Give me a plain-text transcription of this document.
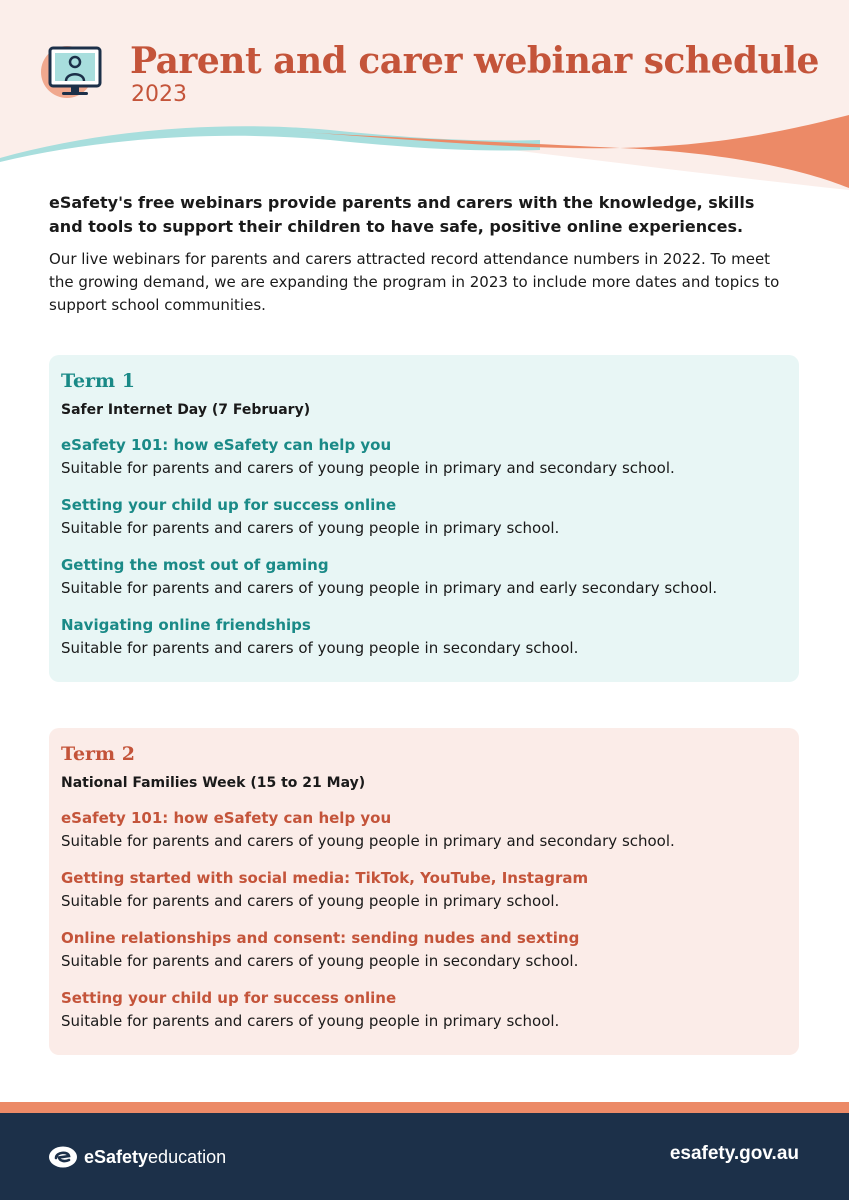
Parent and carer webinar schedule

2023

eSafety's free webinars provide parents and carers with the knowledge, skills and tools to support their children to have safe, positive online experiences.

Our live webinars for parents and carers attracted record attendance numbers in 2022. To meet the growing demand, we are expanding the program in 2023 to include more dates and topics to support school communities.

Term 1

Safer Internet Day (7 February)

eSafety 101: how eSafety can help you

Suitable for parents and carers of young people in primary and secondary school.

Setting your child up for success online

Suitable for parents and carers of young people in primary school.

Getting the most out of gaming

Suitable for parents and carers of young people in primary and early secondary school.

Navigating online friendships

Suitable for parents and carers of young people in secondary school.

Term 2

National Families Week (15 to 21 May)

eSafety 101: how eSafety can help you

Suitable for parents and carers of young people in primary and secondary school.

Getting started with social media: TikTok, YouTube, Instagram

Suitable for parents and carers of young people in primary school.

Online relationships and consent: sending nudes and sexting

Suitable for parents and carers of young people in secondary school.

Setting your child up for success online

Suitable for parents and carers of young people in primary school.

eSafetyeducation	esafety.gov.au
